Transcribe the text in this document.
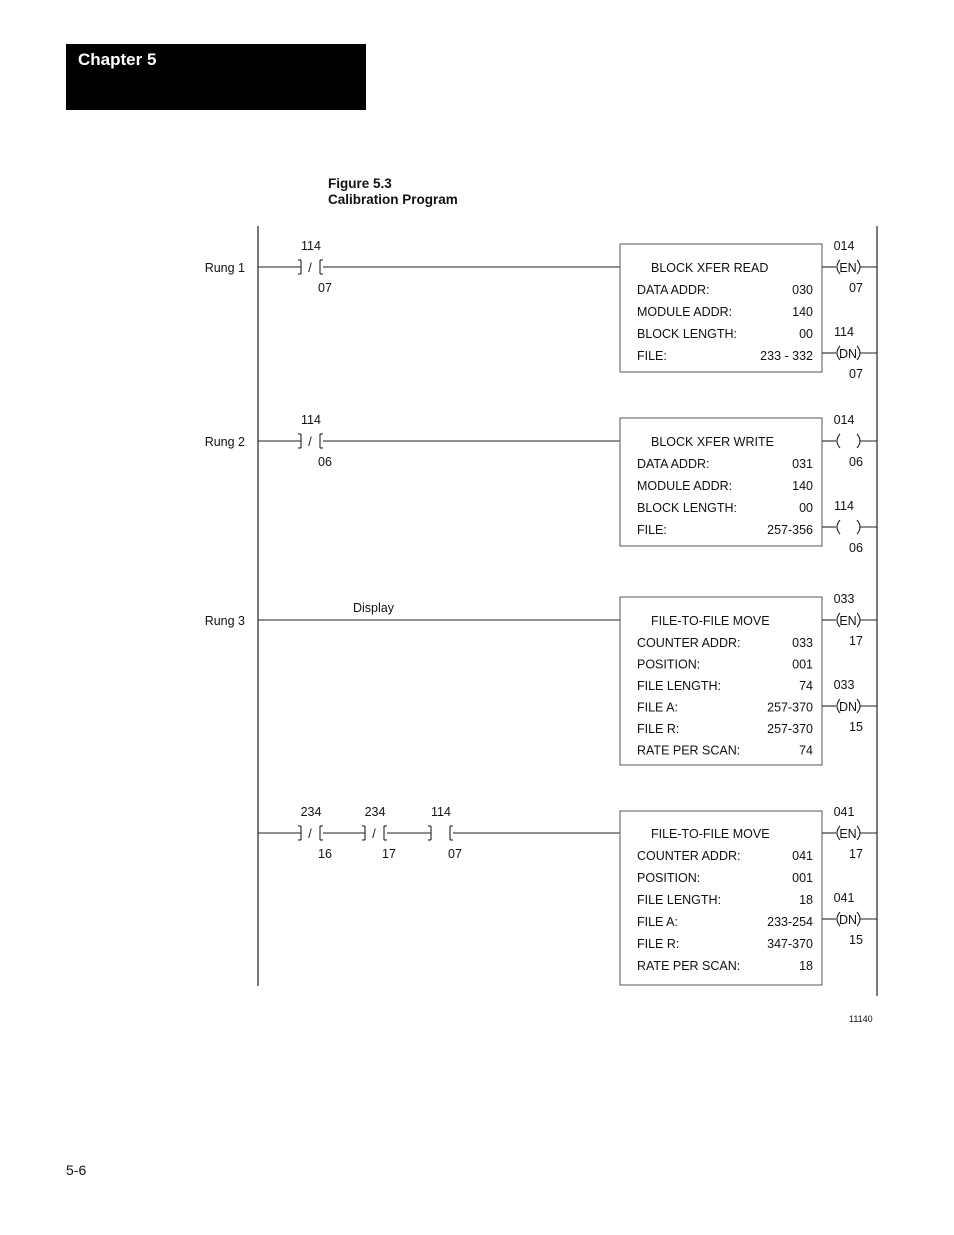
Chapter 5
Figure 5.3
Calibration Program
11140
Rung 1	/
114
07
BLOCK XFER READ
DATA ADDR:	030
MODULE ADDR:	140
BLOCK LENGTH:	00
FILE:	233 - 332
EN
014
07
DN
114
07
Rung 2	/
114
06
BLOCK XFER WRITE
DATA ADDR:	031
MODULE ADDR:	140
BLOCK LENGTH:	00
FILE:	257-356
014
06
114
06
Rung 3
Display
FILE-TO-FILE MOVE
COUNTER ADDR:	033
POSITION:	001
FILE LENGTH:	74
FILE A:	257-370
FILE R:	257-370
RATE PER SCAN:	74
EN
033
17
DN
033
15
/
234
16
/
234
17
114
07
FILE-TO-FILE MOVE
COUNTER ADDR:	041
POSITION:	001
FILE LENGTH:	18
FILE A:	233-254
FILE R:	347-370
RATE PER SCAN:	18
EN
041
17
DN
041
15
5-6
